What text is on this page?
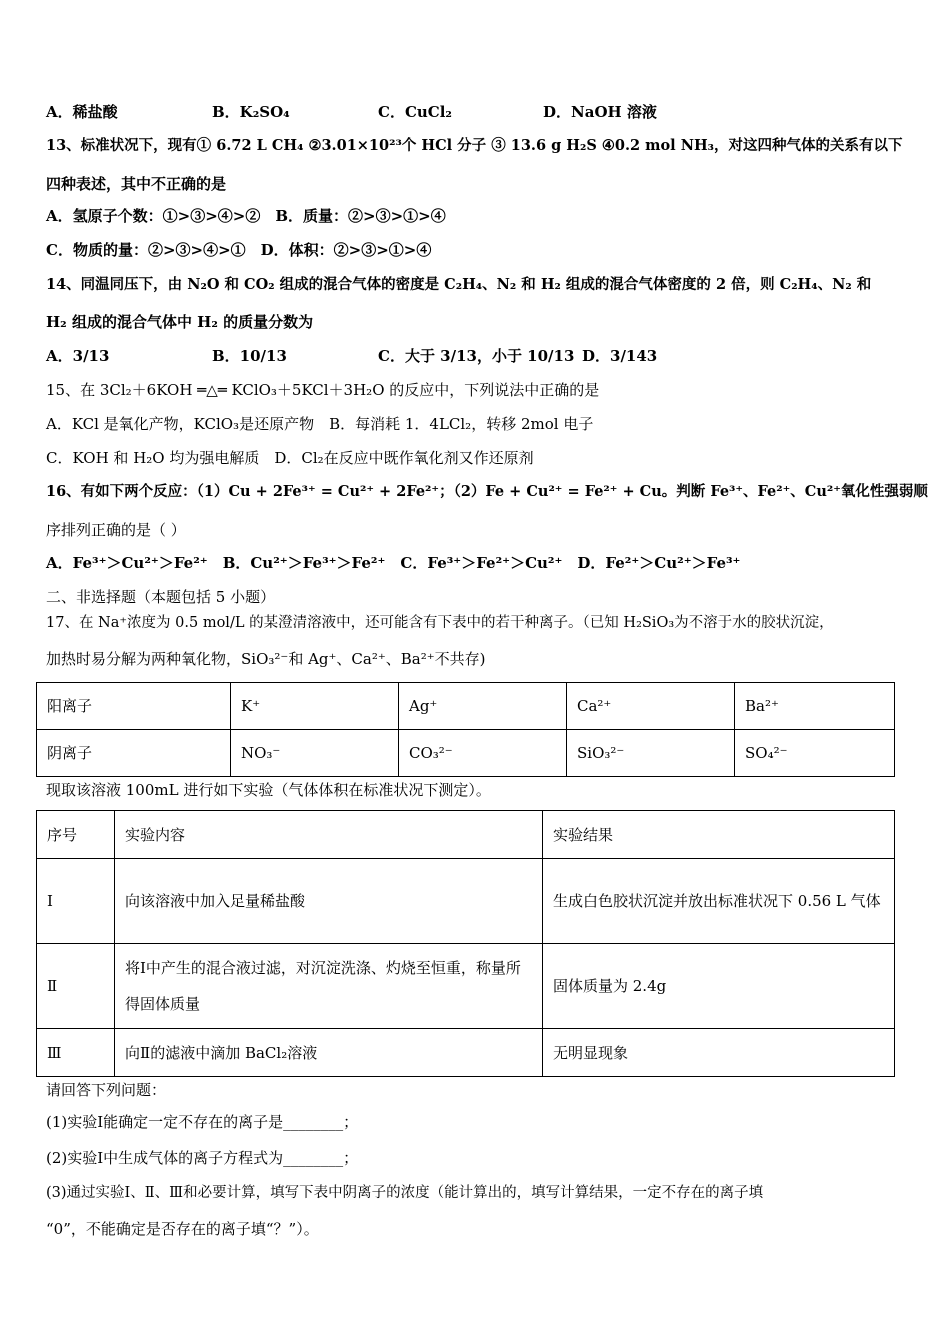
A．稀盐酸	B．K₂SO₄	C．CuCl₂	D．NaOH 溶液
13、标准状况下，现有① 6.72 L CH₄ ②3.01×10²³个 HCl 分子 ③ 13.6 g H₂S ④0.2 mol NH₃，对这四种气体的关系有以下
四种表述，其中不正确的是
A．氢原子个数：①>③>④>②　B．质量：②>③>①>④
C．物质的量：②>③>④>①　D．体积：②>③>①>④
14、同温同压下，由 N₂O 和 CO₂ 组成的混合气体的密度是 C₂H₄、N₂ 和 H₂ 组成的混合气体密度的 2 倍，则 C₂H₄、N₂ 和
H₂ 组成的混合气体中 H₂ 的质量分数为
A．3/13	B．10/13	C．大于 3/13，小于 10/13 D．3/143
15、在 3Cl₂＋6KOH ═△═ KClO₃＋5KCl＋3H₂O 的反应中，下列说法中正确的是
A．KCl 是氧化产物，KClO₃是还原产物　B．每消耗 1．4LCl₂，转移 2mol 电子
C．KOH 和 H₂O 均为强电解质　D．Cl₂在反应中既作氧化剂又作还原剂
16、有如下两个反应：（1）Cu + 2Fe³⁺ = Cu²⁺ + 2Fe²⁺；（2）Fe + Cu²⁺ = Fe²⁺ + Cu。判断 Fe³⁺、Fe²⁺、Cu²⁺氧化性强弱顺
序排列正确的是（ ）
A．Fe³⁺＞Cu²⁺＞Fe²⁺　B．Cu²⁺＞Fe³⁺＞Fe²⁺　C．Fe³⁺＞Fe²⁺＞Cu²⁺　D．Fe²⁺＞Cu²⁺＞Fe³⁺
二、非选择题（本题包括 5 小题）
17、在 Na⁺浓度为 0.5 mol/L 的某澄清溶液中，还可能含有下表中的若干种离子。（已知 H₂SiO₃为不溶于水的胶状沉淀，
加热时易分解为两种氧化物，SiO₃²⁻和 Ag⁺、Ca²⁺、Ba²⁺不共存)
阳离子	K⁺	Ag⁺	Ca²⁺	Ba²⁺
阴离子	NO₃⁻	CO₃²⁻	SiO₃²⁻	SO₄²⁻
现取该溶液 100mL 进行如下实验（气体体积在标准状况下测定）。
序号	实验内容	实验结果
Ⅰ	向该溶液中加入足量稀盐酸	生成白色胶状沉淀并放出标准状况下 0.56 L 气体
Ⅱ	将Ⅰ中产生的混合液过滤，对沉淀洗涤、灼烧至恒重，称量所得固体质量	固体质量为 2.4g
Ⅲ	向Ⅱ的滤液中滴加 BaCl₂溶液	无明显现象
请回答下列问题：
(1)实验Ⅰ能确定一定不存在的离子是________；
(2)实验Ⅰ中生成气体的离子方程式为________；
(3)通过实验Ⅰ、Ⅱ、Ⅲ和必要计算，填写下表中阴离子的浓度（能计算出的，填写计算结果，一定不存在的离子填
“0”，不能确定是否存在的离子填“？”）。
